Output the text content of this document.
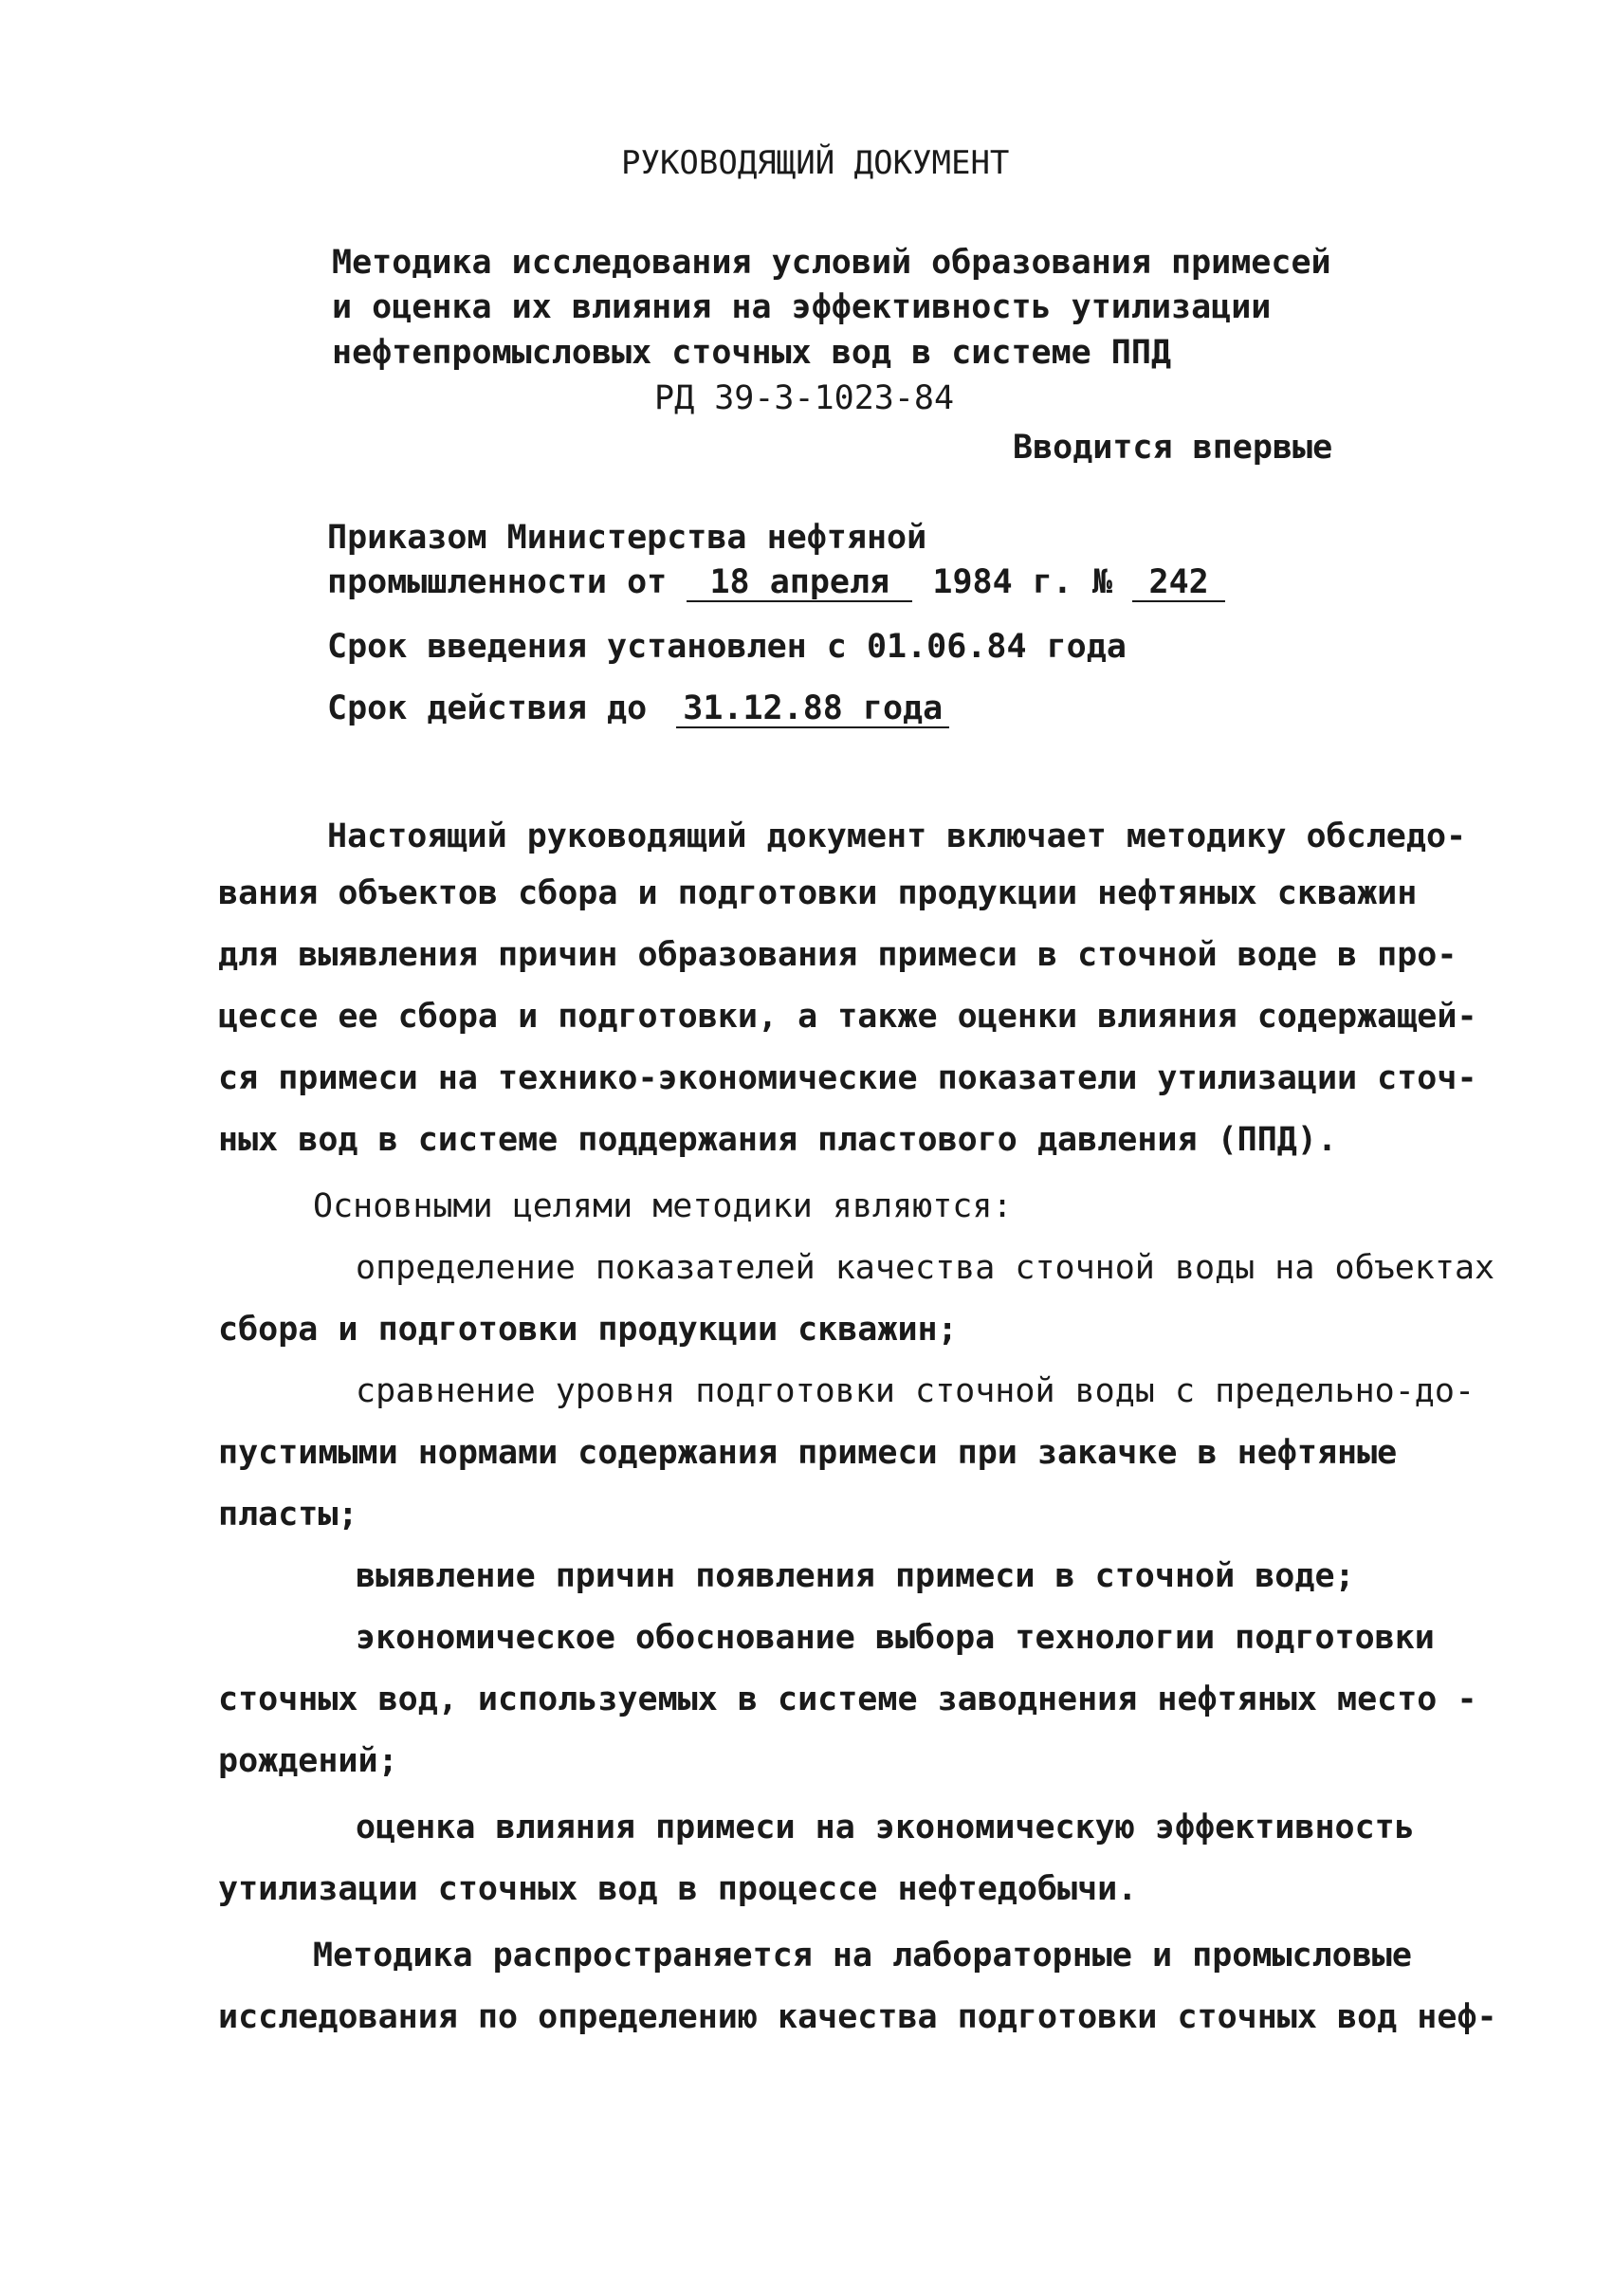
РУКОВОДЯЩИЙ ДОКУМЕНТ
Методика исследования условий образования примесей
и оценка их влияния на эффективность утилизации
нефтепромысловых сточных вод в системе ППД
РД 39-3-1023-84
Вводится впервые
Приказом Министерства нефтяной
промышленности от 18 апреля 1984 г. № 242
Срок введения установлен с 01.06.84 года
Срок действия до 31.12.88 года
Настоящий руководящий документ включает методику обследо-
вания объектов сбора и подготовки продукции нефтяных скважин
для выявления причин образования примеси в сточной воде в про-
цессе ее сбора и подготовки, а также оценки влияния содержащей-
ся примеси на технико-экономические показатели утилизации сточ-
ных вод в системе поддержания пластового давления (ППД).
Основными целями методики являются:
определение показателей качества сточной воды на объектах
сбора и подготовки продукции скважин;
сравнение уровня подготовки сточной воды с предельно-до-
пустимыми нормами содержания примеси при закачке в нефтяные
пласты;
выявление причин появления примеси в сточной воде;
экономическое обоснование выбора технологии подготовки
сточных вод, используемых в системе заводнения нефтяных место -
рождений;
оценка влияния примеси на экономическую эффективность
утилизации сточных вод в процессе нефтедобычи.
Методика распространяется на лабораторные и промысловые
исследования по определению качества подготовки сточных вод неф-
